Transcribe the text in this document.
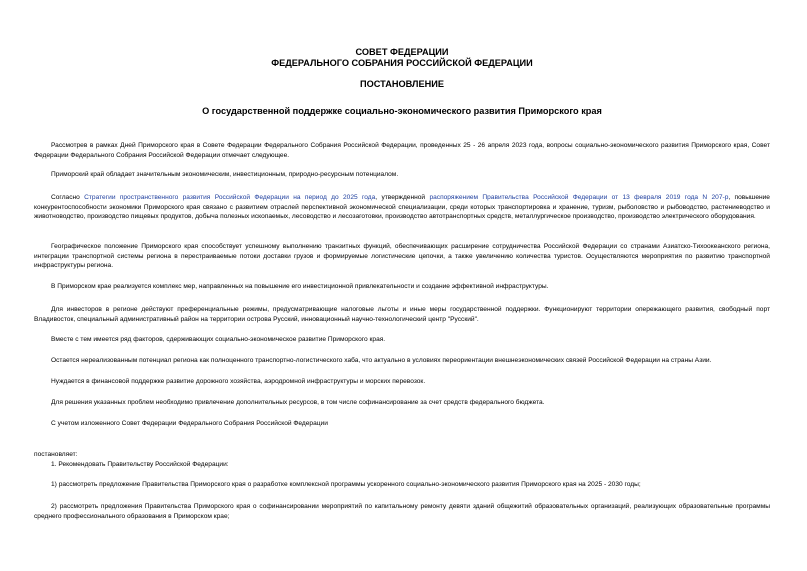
СОВЕТ ФЕДЕРАЦИИ
ФЕДЕРАЛЬНОГО СОБРАНИЯ РОССИЙСКОЙ ФЕДЕРАЦИИ
ПОСТАНОВЛЕНИЕ
О государственной поддержке социально-экономического развития Приморского края

Рассмотрев в рамках Дней Приморского края в Совете Федерации Федерального Собрания Российской Федерации, проведенных 25 - 26 апреля 2023 года, вопросы социально-экономического развития Приморского края, Совет Федерации Федерального Собрания Российской Федерации отмечает следующее.

Приморский край обладает значительным экономическим, инвестиционным, природно-ресурсным потенциалом.

Согласно Стратегии пространственного развития Российской Федерации на период до 2025 года, утвержденной распоряжением Правительства Российской Федерации от 13 февраля 2019 года N 207-р, повышение конкурентоспособности экономики Приморского края связано с развитием отраслей перспективной экономической специализации, среди которых транспортировка и хранение, туризм, рыболовство и рыбоводство, растениеводство и животноводство, производство пищевых продуктов, добыча полезных ископаемых, лесоводство и лесозаготовки, производство автотранспортных средств, металлургическое производство, производство электрического оборудования.

Географическое положение Приморского края способствует успешному выполнению транзитных функций, обеспечивающих расширение сотрудничества Российской Федерации со странами Азиатско-Тихоокеанского региона, интеграции транспортной системы региона в перестраиваемые потоки доставки грузов и формируемые логистические цепочки, а также увеличению количества туристов. Осуществляются мероприятия по развитию транспортной инфраструктуры региона.

В Приморском крае реализуется комплекс мер, направленных на повышение его инвестиционной привлекательности и создание эффективной инфраструктуры.

Для инвесторов в регионе действуют преференциальные режимы, предусматривающие налоговые льготы и иные меры государственной поддержки. Функционируют территории опережающего развития, свободный порт Владивосток, специальный административный район на территории острова Русский, инновационный научно-технологический центр "Русский".

Вместе с тем имеется ряд факторов, сдерживающих социально-экономическое развитие Приморского края.

Остается нереализованным потенциал региона как полноценного транспортно-логистического хаба, что актуально в условиях переориентации внешнеэкономических связей Российской Федерации на страны Азии.

Нуждается в финансовой поддержке развитие дорожного хозяйства, аэродромной инфраструктуры и морских перевозок.

Для решения указанных проблем необходимо привлечение дополнительных ресурсов, в том числе софинансирование за счет средств федерального бюджета.

С учетом изложенного Совет Федерации Федерального Собрания Российской Федерации

постановляет:

1. Рекомендовать Правительству Российской Федерации:

1) рассмотреть предложение Правительства Приморского края о разработке комплексной программы ускоренного социально-экономического развития Приморского края на 2025 - 2030 годы;

2) рассмотреть предложения Правительства Приморского края о софинансировании мероприятий по капитальному ремонту девяти зданий общежитий образовательных организаций, реализующих образовательные программы среднего профессионального образования в Приморском крае;
